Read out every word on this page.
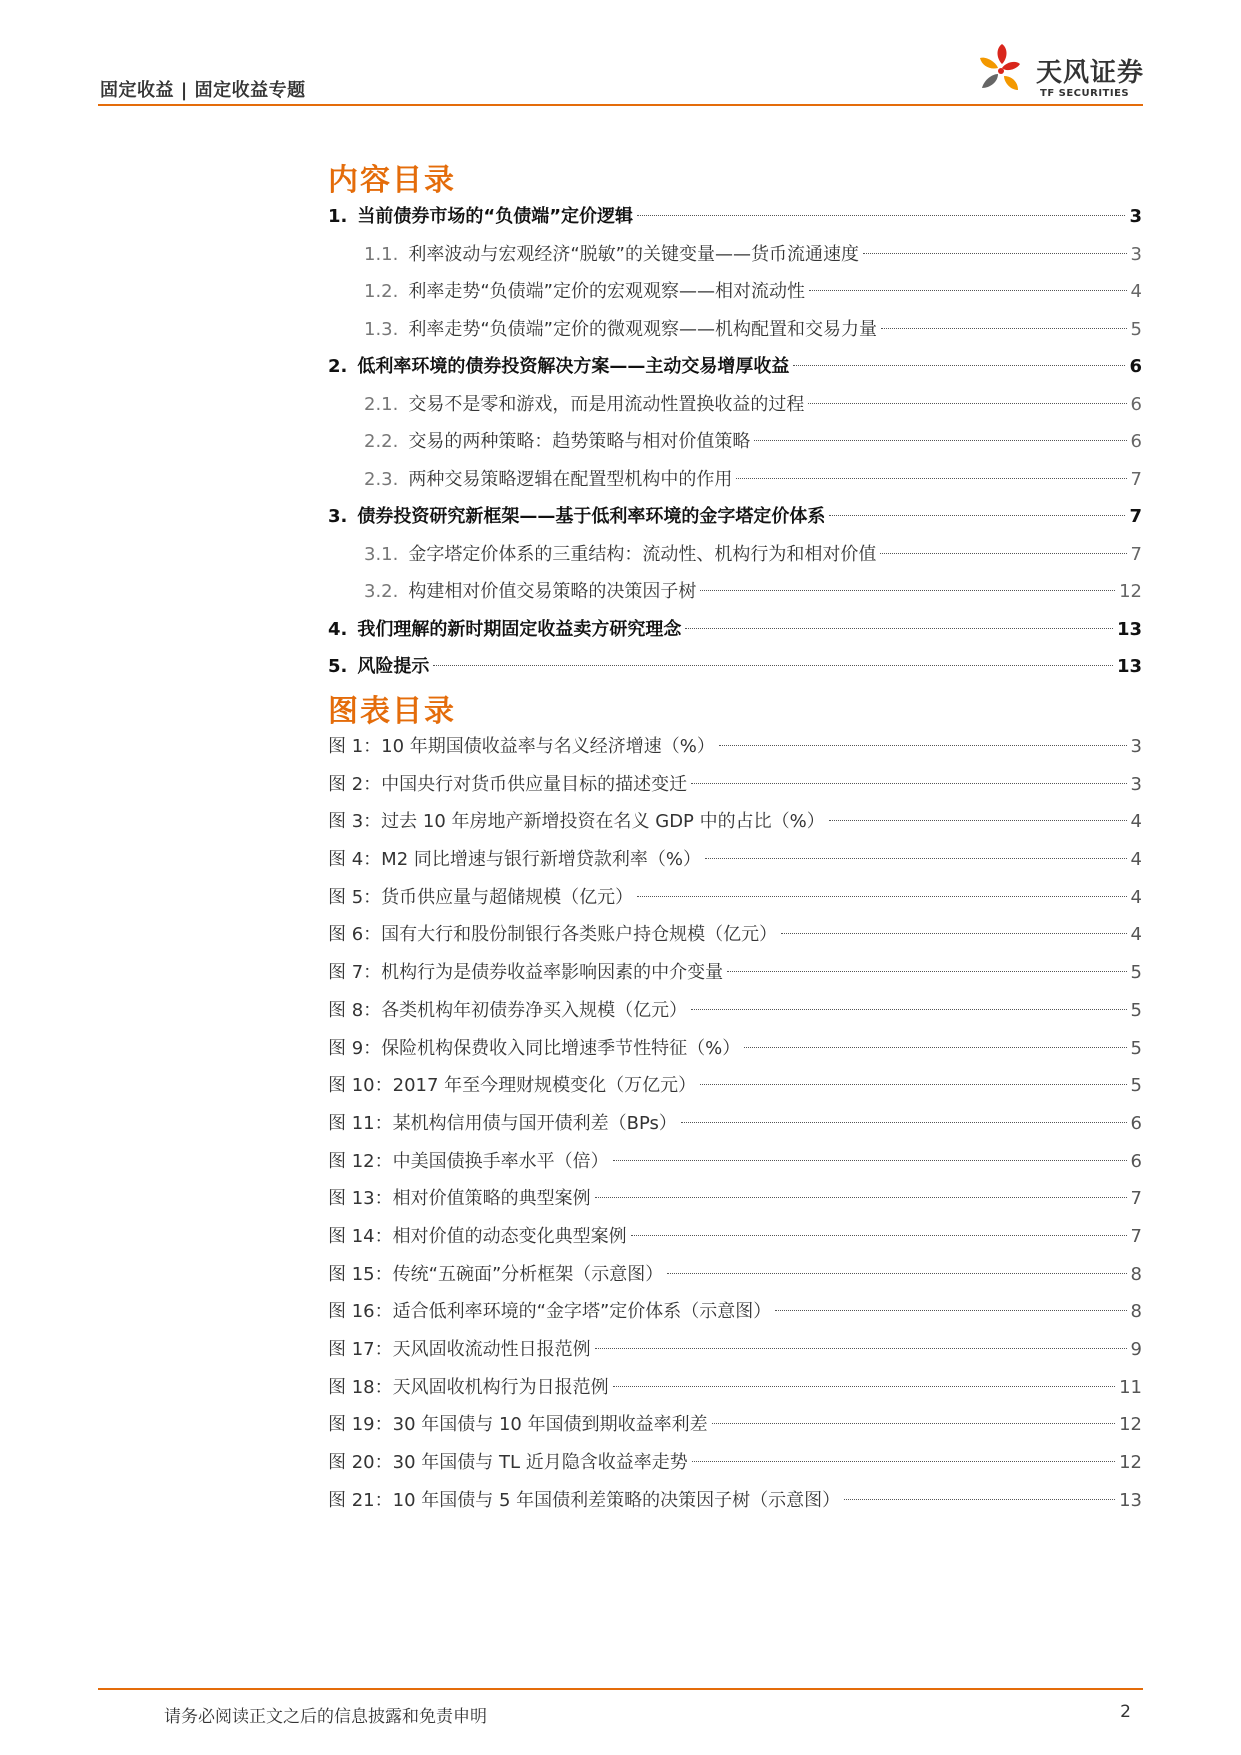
固定收益 | 固定收益专题
天风证券
TF SECURITIES
内容目录
1. 当前债券市场的“负债端”定价逻辑	3
1.1. 利率波动与宏观经济“脱敏”的关键变量——货币流通速度	3
1.2. 利率走势“负债端”定价的宏观观察——相对流动性	4
1.3. 利率走势“负债端”定价的微观观察——机构配置和交易力量	5
2. 低利率环境的债券投资解决方案——主动交易增厚收益	6
2.1. 交易不是零和游戏，而是用流动性置换收益的过程	6
2.2. 交易的两种策略：趋势策略与相对价值策略	6
2.3. 两种交易策略逻辑在配置型机构中的作用	7
3. 债券投资研究新框架——基于低利率环境的金字塔定价体系	7
3.1. 金字塔定价体系的三重结构：流动性、机构行为和相对价值	7
3.2. 构建相对价值交易策略的决策因子树	12
4. 我们理解的新时期固定收益卖方研究理念	13
5. 风险提示	13
图表目录
图 1：10 年期国债收益率与名义经济增速（%）	3
图 2：中国央行对货币供应量目标的描述变迁	3
图 3：过去 10 年房地产新增投资在名义 GDP 中的占比（%）	4
图 4：M2 同比增速与银行新增贷款利率（%）	4
图 5：货币供应量与超储规模（亿元）	4
图 6：国有大行和股份制银行各类账户持仓规模（亿元）	4
图 7：机构行为是债券收益率影响因素的中介变量	5
图 8：各类机构年初债券净买入规模（亿元）	5
图 9：保险机构保费收入同比增速季节性特征（%）	5
图 10：2017 年至今理财规模变化（万亿元）	5
图 11：某机构信用债与国开债利差（BPs）	6
图 12：中美国债换手率水平（倍）	6
图 13：相对价值策略的典型案例	7
图 14：相对价值的动态变化典型案例	7
图 15：传统“五碗面”分析框架（示意图）	8
图 16：适合低利率环境的“金字塔”定价体系（示意图）	8
图 17：天风固收流动性日报范例	9
图 18：天风固收机构行为日报范例	11
图 19：30 年国债与 10 年国债到期收益率利差	12
图 20：30 年国债与 TL 近月隐含收益率走势	12
图 21：10 年国债与 5 年国债利差策略的决策因子树（示意图）	13
请务必阅读正文之后的信息披露和免责申明	2
